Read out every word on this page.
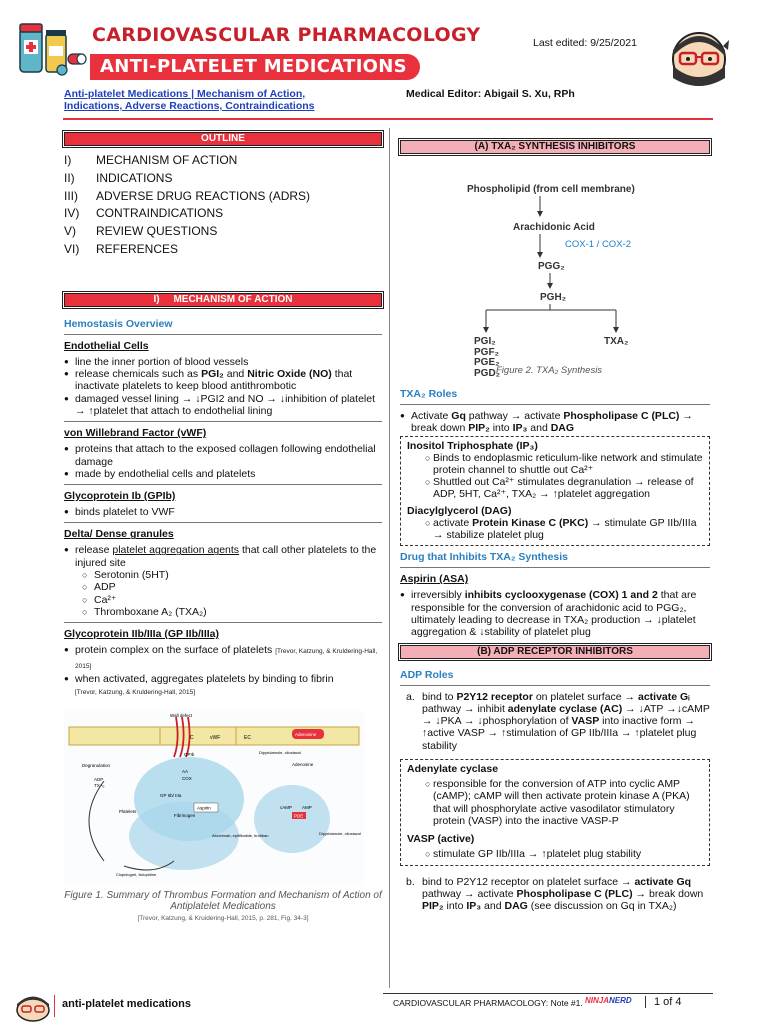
CARDIOVASCULAR PHARMACOLOGY
ANTI-PLATELET MEDICATIONS
Last edited: 9/25/2021
Anti-platelet Medications | Mechanism of Action, Indications, Adverse Reactions, Contraindications
Medical Editor: Abigail S. Xu, RPh
OUTLINE
I)	MECHANISM OF ACTION
II)	INDICATIONS
III)	ADVERSE DRUG REACTIONS (ADRS)
IV)	CONTRAINDICATIONS
V)	REVIEW QUESTIONS
VI)	REFERENCES
I)     MECHANISM OF ACTION
Hemostasis Overview
Endothelial Cells
● line the inner portion of blood vessels
● release chemicals such as PGI₂ and Nitric Oxide (NO) that inactivate platelets to keep blood antithrombotic
● damaged vessel lining → ↓PGI2 and NO → ↓inhibition of platelet → ↑platelet that attach to endothelial lining
von Willebrand Factor (vWF)
● proteins that attach to the exposed collagen following endothelial damage
● made by endothelial cells and platelets
Glycoprotein Ib (GPIb)
● binds platelet to VWF
Delta/ Dense granules
● release platelet aggregation agents that call other platelets to the injured site
○ Serotonin (5HT)
○ ADP
○ Ca²⁺
○ Thromboxane A₂ (TXA₂)
Glycoprotein IIb/IIIa (GP IIb/IIIa)
● protein complex on the surface of platelets [Trevor, Katzung, & Kruldering-Hall, 2015]
● when activated, aggregates platelets by binding to fibrin
[Trevor, Katzung, & Kruldering-Hall, 2015]
Wall defect
C	vWF	EC
Adenosine
Degranulation
GPIb
ADP
TXA₂
AA
COX
Dipyridamole, cilostazol
Adenosine
Platelets
GP IIb/ IIIa
Aspirin
Fibrinogen
cAMP AMP
PDE
Abciximab, eptifibatide, tirofiban	Dipyridamole, cilostazol
Clopidogrel, ticlopidine
Figure 1. Summary of Thrombus Formation and Mechanism of Action of Antiplatelet Medications
[Trevor, Katzung, & Kruidering-Hall, 2015, p. 281, Fig. 34-3]
(A) TXA₂ SYNTHESIS INHIBITORS
Phospholipid (from cell membrane)
Arachidonic Acid
COX-1 / COX-2
PGG₂
PGH₂
PGI₂
PGF₂
TXA₂
PGE₂
PGD₂
Figure 2. TXA₂ Synthesis
TXA₂ Roles
● Activate Gq pathway → activate Phospholipase C (PLC) → break down PIP₂ into IP₃ and DAG
Inositol Triphosphate (IP₃)
○ Binds to endoplasmic reticulum-like network and stimulate protein channel to shuttle out Ca²⁺
○ Shuttled out Ca²⁺ stimulates degranulation → release of ADP, 5HT, Ca²⁺, TXA₂ → ↑platelet aggregation
Diacylglycerol (DAG)
○ activate Protein Kinase C (PKC) → stimulate GP IIb/IIIa → stabilize platelet plug
Drug that Inhibits TXA₂ Synthesis
Aspirin (ASA)
● irreversibly inhibits cyclooxygenase (COX) 1 and 2 that are responsible for the conversion of arachidonic acid to PGG₂, ultimately leading to decrease in TXA₂ production → ↓platelet aggregation & ↓stability of platelet plug
(B) ADP RECEPTOR INHIBITORS
ADP Roles
a. bind to P2Y12 receptor on platelet surface → activate Gᵢ pathway → inhibit adenylate cyclase (AC) → ↓ATP →↓cAMP → ↓PKA → ↓phosphorylation of VASP into inactive form → ↑active VASP → ↑stimulation of GP IIb/IIIa → ↑platelet plug stability
Adenylate cyclase
○ responsible for the conversion of ATP into cyclic AMP (cAMP); cAMP will then activate protein kinase A (PKA) that will phosphorylate active vasodilator stimulatory protein (VASP) into the inactive VASP-P
VASP (active)
○ stimulate GP IIb/IIIa → ↑platelet plug stability
b. bind to P2Y12 receptor on platelet surface → activate Gq pathway → activate Phospholipase C (PLC) → break down PIP₂ into IP₃ and DAG (see discussion on Gq in TXA₂)
anti-platelet medications	CARDIOVASCULAR PHARMACOLOGY: Note #1. NINJANERD	1 of 4
